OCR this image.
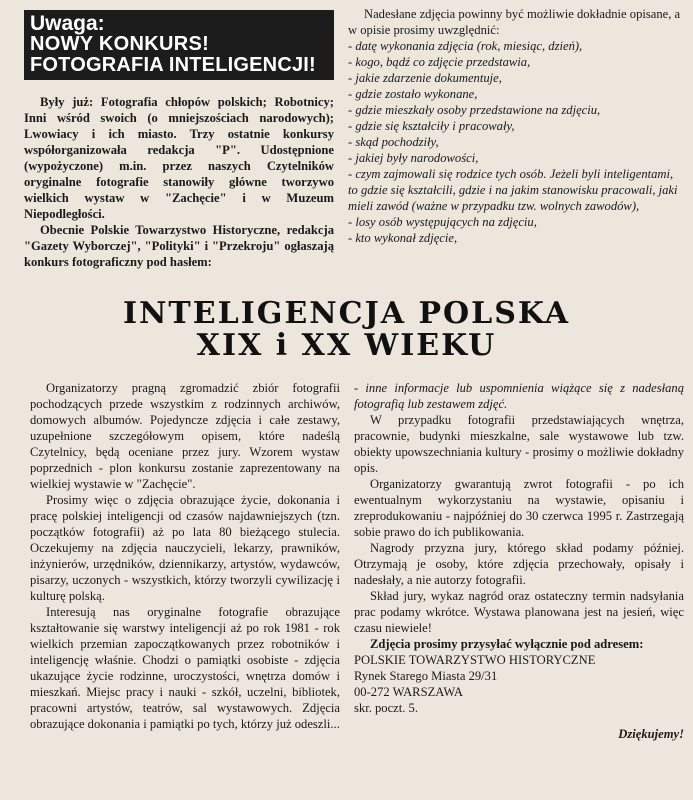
Uwaga:
NOWY KONKURS!
FOTOGRAFIA INTELIGENCJI!

Były już: Fotografia chłopów polskich; Robotnicy; Inni wśród swoich (o mniejszościach narodowych); Lwowiacy i ich miasto. Trzy ostatnie konkursy współorganizowała redakcja "P". Udostępnione (wypożyczone) m.in. przez naszych Czytelników oryginalne fotografie stanowiły główne tworzywo wielkich wystaw w "Zachęcie" i w Muzeum Niepodległości.

Obecnie Polskie Towarzystwo Historyczne, redakcja "Gazety Wyborczej", "Polityki" i "Przekroju" ogłaszają konkurs fotograficzny pod hasłem:

Nadesłane zdjęcia powinny być możliwie dokładnie opisane, a w opisie prosimy uwzględnić:

- datę wykonania zdjęcia (rok, miesiąc, dzień),

- kogo, bądź co zdjęcie przedstawia,

- jakie zdarzenie dokumentuje,

- gdzie zostało wykonane,

- gdzie mieszkały osoby przedstawione na zdjęciu,

- gdzie się kształciły i pracowały,

- skąd pochodziły,

- jakiej były narodowości,

- czym zajmowali się rodzice tych osób. Jeżeli byli inteligentami, to gdzie się kształcili, gdzie i na jakim stanowisku pracowali, jaki mieli zawód (ważne w przypadku tzw. wolnych zawodów),

- losy osób występujących na zdjęciu,

- kto wykonał zdjęcie,

INTELIGENCJA POLSKA
XIX i XX WIEKU

Organizatorzy pragną zgromadzić zbiór fotografii pochodzących przede wszystkim z rodzinnych archiwów, domowych albumów. Pojedyncze zdjęcia i całe zestawy, uzupełnione szczegółowym opisem, które nadeślą Czytelnicy, będą oceniane przez jury. Wzorem wystaw poprzednich - plon konkursu zostanie zaprezentowany na wielkiej wystawie w "Zachęcie".

Prosimy więc o zdjęcia obrazujące życie, dokonania i pracę polskiej inteligencji od czasów najdawniejszych (tzn. początków fotografii) aż po lata 80 bieżącego stulecia. Oczekujemy na zdjęcia nauczycieli, lekarzy, prawników, inżynierów, urzędników, dziennikarzy, artystów, wydawców, pisarzy, uczonych - wszystkich, którzy tworzyli cywilizację i kulturę polską.

Interesują nas oryginalne fotografie obrazujące kształtowanie się warstwy inteligencji aż po rok 1981 - rok wielkich przemian zapoczątkowanych przez robotników i inteligencję właśnie. Chodzi o pamiątki osobiste - zdjęcia ukazujące życie rodzinne, uroczystości, wnętrza domów i mieszkań. Miejsc pracy i nauki - szkół, uczelni, bibliotek, pracowni artystów, teatrów, sal wystawowych. Zdjęcia obrazujące dokonania i pamiątki po tych, którzy już odeszli...

- inne informacje lub uspomnienia wiążące się z nadesłaną fotografią lub zestawem zdjęć.

W przypadku fotografii przedstawiających wnętrza, pracownie, budynki mieszkalne, sale wystawowe lub tzw. obiekty upowszechniania kultury - prosimy o możliwie dokładny opis.

Organizatorzy gwarantują zwrot fotografii - po ich ewentualnym wykorzystaniu na wystawie, opisaniu i zreprodukowaniu - najpóźniej do 30 czerwca 1995 r. Zastrzegają sobie prawo do ich publikowania.

Nagrody przyzna jury, którego skład podamy później. Otrzymają je osoby, które zdjęcia przechowały, opisały i nadesłały, a nie autorzy fotografii.

Skład jury, wykaz nagród oraz ostateczny termin nadsyłania prac podamy wkrótce. Wystawa planowana jest na jesień, więc czasu niewiele!

Zdjęcia prosimy przysyłać wyłącznie pod adresem:

POLSKIE TOWARZYSTWO HISTORYCZNE

Rynek Starego Miasta 29/31

00-272 WARSZAWA

skr. poczt. 5.

Dziękujemy!
